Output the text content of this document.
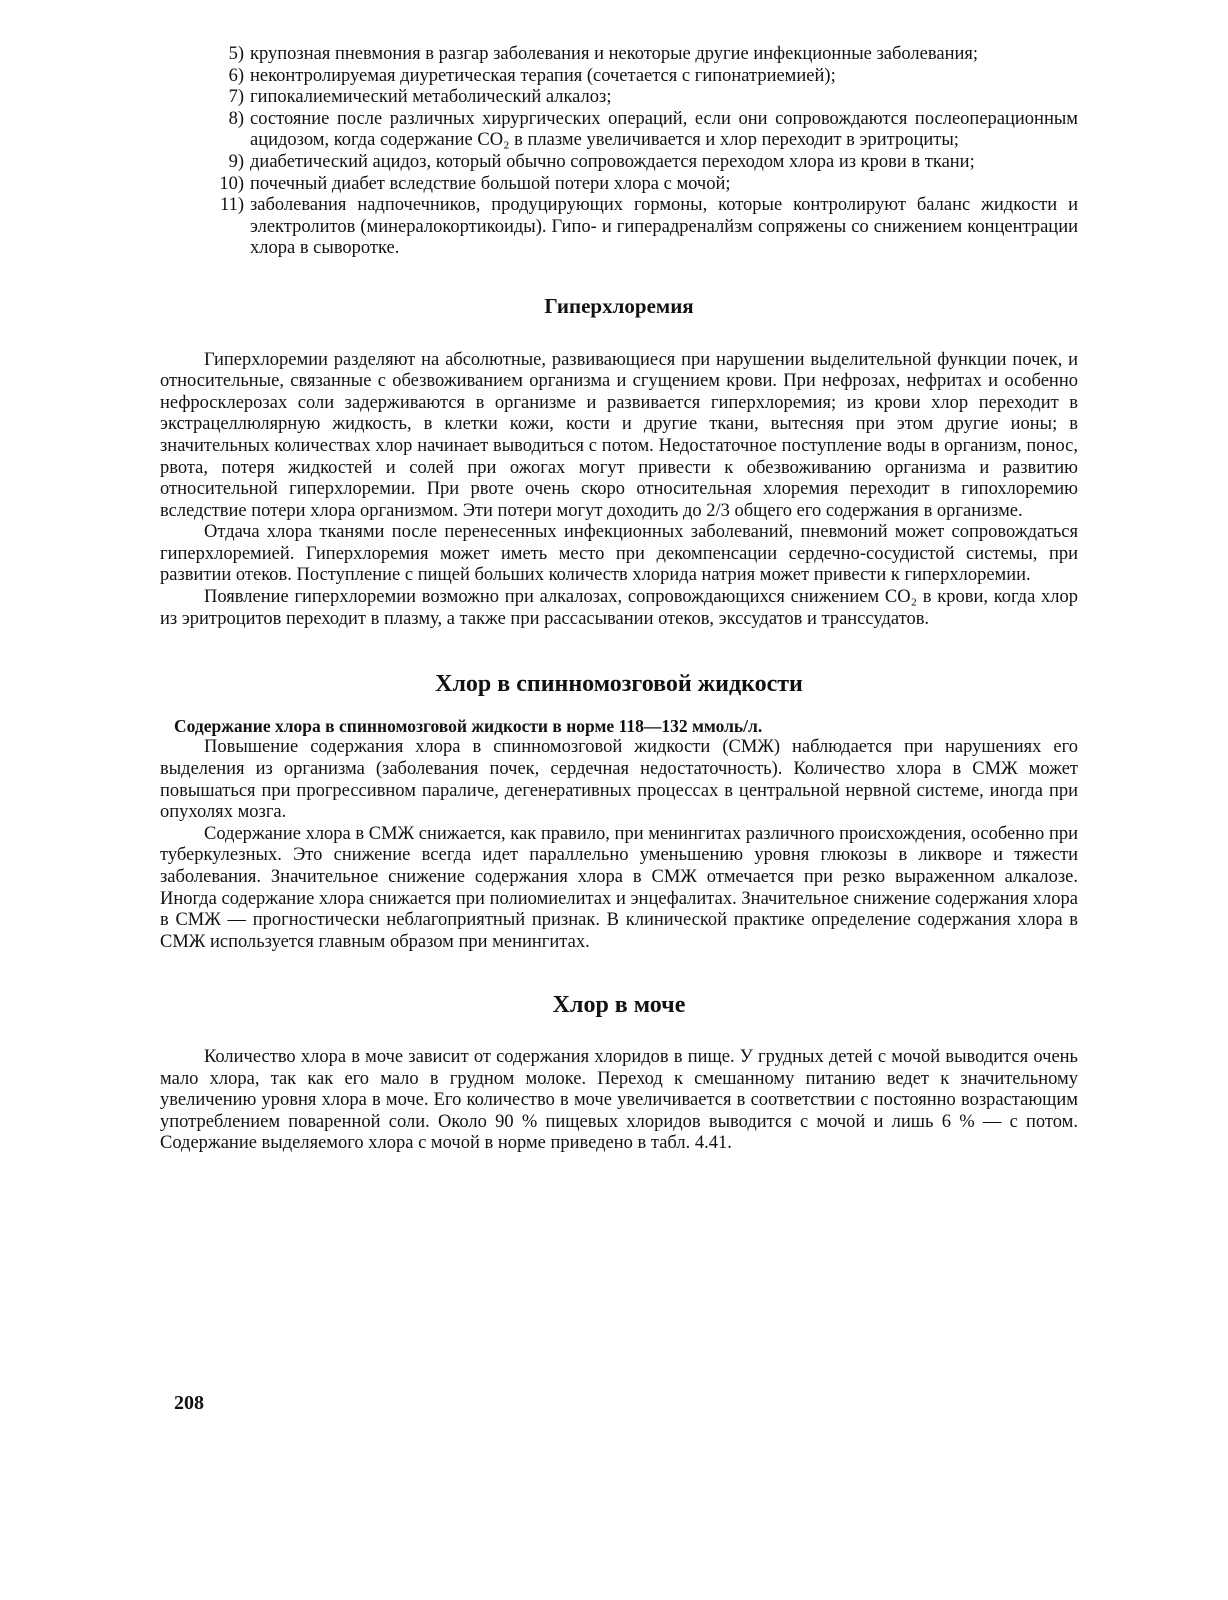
5) крупозная пневмония в разгар заболевания и некоторые другие инфекционные заболевания;
6) неконтролируемая диуретическая терапия (сочетается с гипонатриемией);
7) гипокалиемический метаболический алкалоз;
8) состояние после различных хирургических операций, если они сопровождаются послеоперационным ацидозом, когда содержание CO₂ в плазме увеличивается и хлор переходит в эритроциты;
9) диабетический ацидоз, который обычно сопровождается переходом хлора из крови в ткани;
10) почечный диабет вследствие большой потери хлора с мочой;
11) заболевания надпочечников, продуцирующих гормоны, которые контролируют баланс жидкости и электролитов (минералокортикоиды). Гипо- и гиперадреналйзм сопряжены со снижением концентрации хлора в сыворотке.
Гиперхлоремия

Гиперхлоремии разделяют на абсолютные, развивающиеся при нарушении выделительной функции почек, и относительные, связанные с обезвоживанием организма и сгущением крови. При нефрозах, нефритах и особенно нефросклерозах соли задерживаются в организме и развивается гиперхлоремия; из крови хлор переходит в экстрацеллюлярную жидкость, в клетки кожи, кости и другие ткани, вытесняя при этом другие ионы; в значительных количествах хлор начинает выводиться с потом. Недостаточное поступление воды в организм, понос, рвота, потеря жидкостей и солей при ожогах могут привести к обезвоживанию организма и развитию относительной гиперхлоремии. При рвоте очень скоро относительная хлоремия переходит в гипохлоремию вследствие потери хлора организмом. Эти потери могут доходить до 2/3 общего его содержания в организме.

Отдача хлора тканями после перенесенных инфекционных заболеваний, пневмоний может сопровождаться гиперхлоремией. Гиперхлоремия может иметь место при декомпенсации сердечно-сосудистой системы, при развитии отеков. Поступление с пищей больших количеств хлорида натрия может привести к гиперхлоремии.

Появление гиперхлоремии возможно при алкалозах, сопровождающихся снижением CO₂ в крови, когда хлор из эритроцитов переходит в плазму, а также при рассасывании отеков, экссудатов и транссудатов.

Хлор в спинномозговой жидкости

Содержание хлора в спинномозговой жидкости в норме 118—132 ммоль/л.

Повышение содержания хлора в спинномозговой жидкости (СМЖ) наблюдается при нарушениях его выделения из организма (заболевания почек, сердечная недостаточность). Количество хлора в СМЖ может повышаться при прогрессивном параличе, дегенеративных процессах в центральной нервной системе, иногда при опухолях мозга.

Содержание хлора в СМЖ снижается, как правило, при менингитах различного происхождения, особенно при туберкулезных. Это снижение всегда идет параллельно уменьшению уровня глюкозы в ликворе и тяжести заболевания. Значительное снижение содержания хлора в СМЖ отмечается при резко выраженном алкалозе. Иногда содержание хлора снижается при полиомиелитах и энцефалитах. Значительное снижение содержания хлора в СМЖ — прогностически неблагоприятный признак. В клинической практике определение содержания хлора в СМЖ используется главным образом при менингитах.

Хлор в моче

Количество хлора в моче зависит от содержания хлоридов в пище. У грудных детей с мочой выводится очень мало хлора, так как его мало в грудном молоке. Переход к смешанному питанию ведет к значительному увеличению уровня хлора в моче. Его количество в моче увеличивается в соответствии с постоянно возрастающим употреблением поваренной соли. Около 90 % пищевых хлоридов выводится с мочой и лишь 6 % — с потом. Содержание выделяемого хлора с мочой в норме приведено в табл. 4.41.

208
